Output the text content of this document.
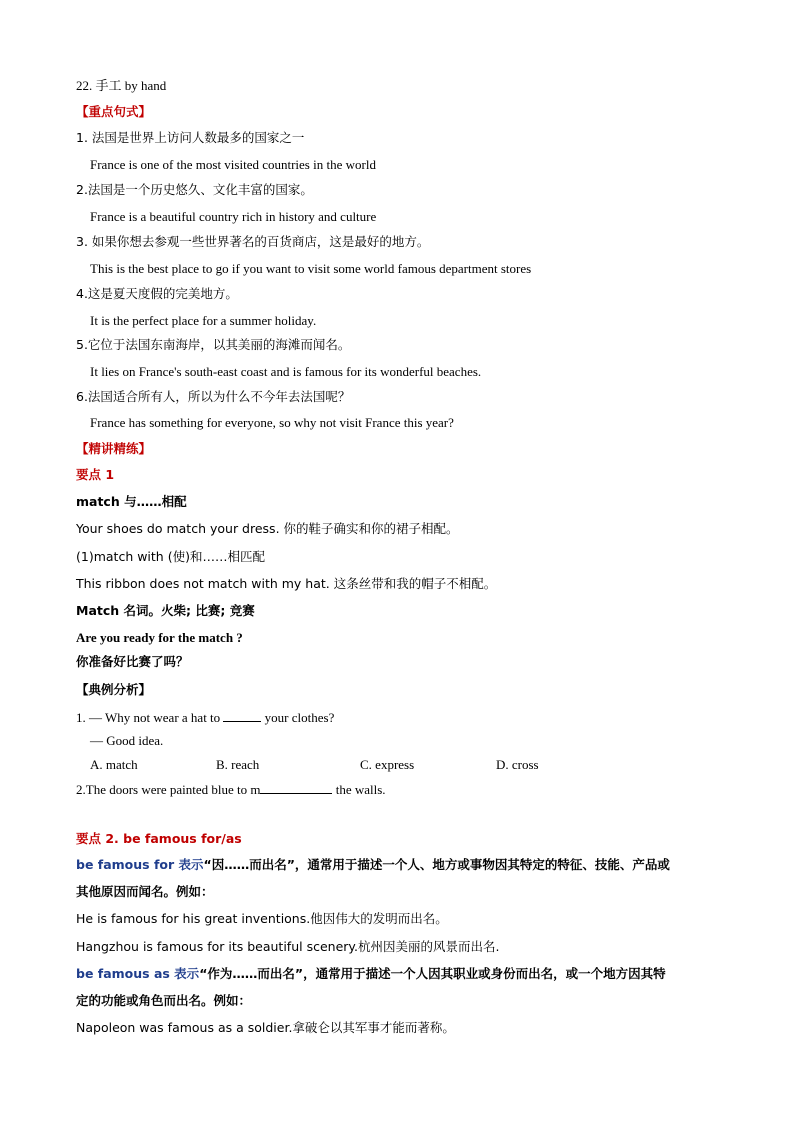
22. 手工 by hand
【重点句式】
1. 法国是世界上访问人数最多的国家之一
France is one of the most visited countries in the world
2.法国是一个历史悠久、文化丰富的国家。
France is a beautiful country rich in history and culture
3. 如果你想去参观一些世界著名的百货商店，这是最好的地方。
This is the best place to go if you want to visit some world famous department stores
4.这是夏天度假的完美地方。
It is the perfect place for a summer holiday.
5.它位于法国东南海岸，以其美丽的海滩而闻名。
It lies on France's south-east coast and is famous for its wonderful beaches.
6.法国适合所有人，所以为什么不今年去法国呢？
France has something for everyone, so why not visit France this year?
【精讲精练】
要点 1
match 与……相配
Your shoes do match your dress. 你的鞋子确实和你的裙子相配。
(1)match with (使)和……相匹配
This ribbon does not match with my hat. 这条丝带和我的帽子不相配。
Match 名词。火柴; 比赛; 竞赛
Are you ready for the match ?
你准备好比赛了吗？
【典例分析】
1. — Why not wear a hat to	your clothes?
— Good idea.
A. match	B. reach	C. express	D. cross
2.The doors were painted blue to m	the walls.
要点 2. be famous for/as
be famous for 表示“因……而出名”，通常用于描述一个人、地方或事物因其特定的特征、技能、产品或
其他原因而闻名。例如：
He is famous for his great inventions.他因伟大的发明而出名。
Hangzhou is famous for its beautiful scenery.杭州因美丽的风景而出名.
be famous as 表示“作为……而出名”，通常用于描述一个人因其职业或身份而出名，或一个地方因其特
定的功能或角色而出名。例如：
Napoleon was famous as a soldier.拿破仑以其军事才能而著称。
